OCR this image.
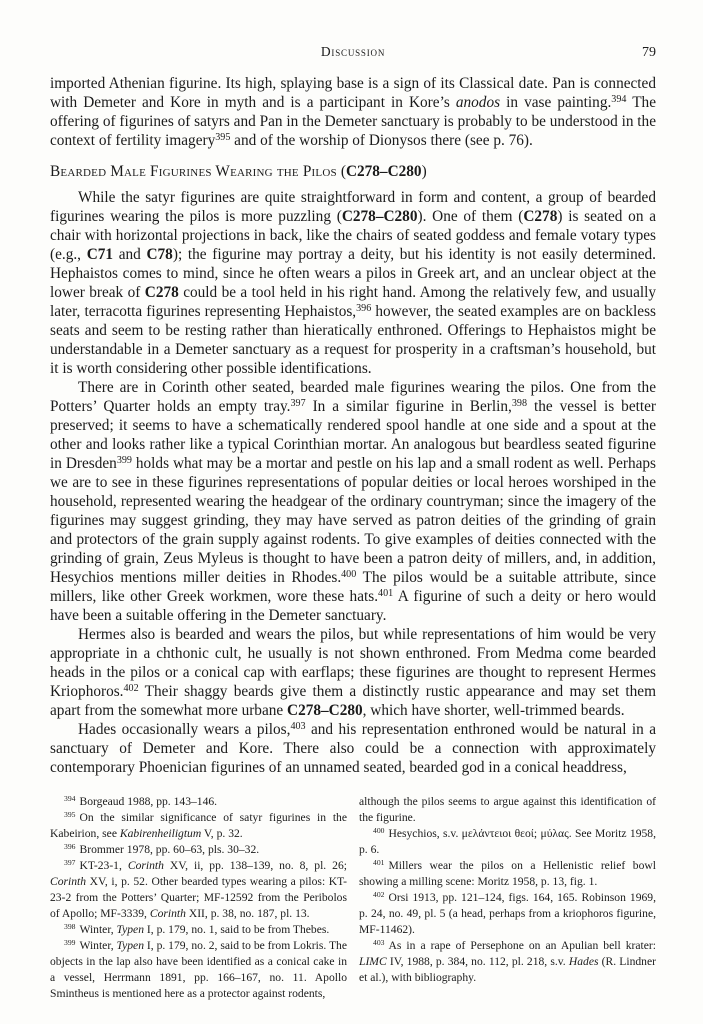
Discussion	79

imported Athenian figurine. Its high, splaying base is a sign of its Classical date. Pan is connected with Demeter and Kore in myth and is a participant in Kore’s anodos in vase painting.$^{394}$ The offering of figurines of satyrs and Pan in the Demeter sanctuary is probably to be understood in the context of fertility imagery$^{395}$ and of the worship of Dionysos there (see p. 76).

Bearded Male Figurines Wearing the Pilos (C278–C280)

While the satyr figurines are quite straightforward in form and content, a group of bearded figurines wearing the pilos is more puzzling (C278–C280). One of them (C278) is seated on a chair with horizontal projections in back, like the chairs of seated goddess and female votary types (e.g., C71 and C78); the figurine may portray a deity, but his identity is not easily determined. Hephaistos comes to mind, since he often wears a pilos in Greek art, and an unclear object at the lower break of C278 could be a tool held in his right hand. Among the relatively few, and usually later, terracotta figurines representing Hephaistos,$^{396}$ however, the seated examples are on backless seats and seem to be resting rather than hieratically enthroned. Offerings to Hephaistos might be understandable in a Demeter sanctuary as a request for prosperity in a craftsman’s household, but it is worth considering other possible identifications.

There are in Corinth other seated, bearded male figurines wearing the pilos. One from the Potters’ Quarter holds an empty tray.$^{397}$ In a similar figurine in Berlin,$^{398}$ the vessel is better preserved; it seems to have a schematically rendered spool handle at one side and a spout at the other and looks rather like a typical Corinthian mortar. An analogous but beardless seated figurine in Dresden$^{399}$ holds what may be a mortar and pestle on his lap and a small rodent as well. Perhaps we are to see in these figurines representations of popular deities or local heroes worshiped in the household, represented wearing the headgear of the ordinary countryman; since the imagery of the figurines may suggest grinding, they may have served as patron deities of the grinding of grain and protectors of the grain supply against rodents. To give examples of deities connected with the grinding of grain, Zeus Myleus is thought to have been a patron deity of millers, and, in addition, Hesychios mentions miller deities in Rhodes.$^{400}$ The pilos would be a suitable attribute, since millers, like other Greek workmen, wore these hats.$^{401}$ A figurine of such a deity or hero would have been a suitable offering in the Demeter sanctuary.

Hermes also is bearded and wears the pilos, but while representations of him would be very appropriate in a chthonic cult, he usually is not shown enthroned. From Medma come bearded heads in the pilos or a conical cap with earflaps; these figurines are thought to represent Hermes Kriophoros.$^{402}$ Their shaggy beards give them a distinctly rustic appearance and may set them apart from the somewhat more urbane C278–C280, which have shorter, well-trimmed beards.

Hades occasionally wears a pilos,$^{403}$ and his representation enthroned would be natural in a sanctuary of Demeter and Kore. There also could be a connection with approximately contemporary Phoenician figurines of an unnamed seated, bearded god in a conical headdress,

$^{394}$ Borgeaud 1988, pp. 143–146.

$^{395}$ On the similar significance of satyr figurines in the Kabeirion, see Kabirenheiligtum V, p. 32.

$^{396}$ Brommer 1978, pp. 60–63, pls. 30–32.

$^{397}$ KT-23-1, Corinth XV, ii, pp. 138–139, no. 8, pl. 26; Corinth XV, i, p. 52. Other bearded types wearing a pilos: KT-23-2 from the Potters’ Quarter; MF-12592 from the Peribolos of Apollo; MF-3339, Corinth XII, p. 38, no. 187, pl. 13.

$^{398}$ Winter, Typen I, p. 179, no. 1, said to be from Thebes.

$^{399}$ Winter, Typen I, p. 179, no. 2, said to be from Lokris. The objects in the lap also have been identified as a conical cake in a vessel, Herrmann 1891, pp. 166–167, no. 11. Apollo Smintheus is mentioned here as a protector against rodents,

although the pilos seems to argue against this identification of the figurine.

$^{400}$ Hesychios, s.v. μελάντειοι θεοί; μύλας. See Moritz 1958, p. 6.

$^{401}$ Millers wear the pilos on a Hellenistic relief bowl showing a milling scene: Moritz 1958, p. 13, fig. 1.

$^{402}$ Orsi 1913, pp. 121–124, figs. 164, 165. Robinson 1969, p. 24, no. 49, pl. 5 (a head, perhaps from a kriophoros figurine, MF-11462).

$^{403}$ As in a rape of Persephone on an Apulian bell krater: LIMC IV, 1988, p. 384, no. 112, pl. 218, s.v. Hades (R. Lindner et al.), with bibliography.
